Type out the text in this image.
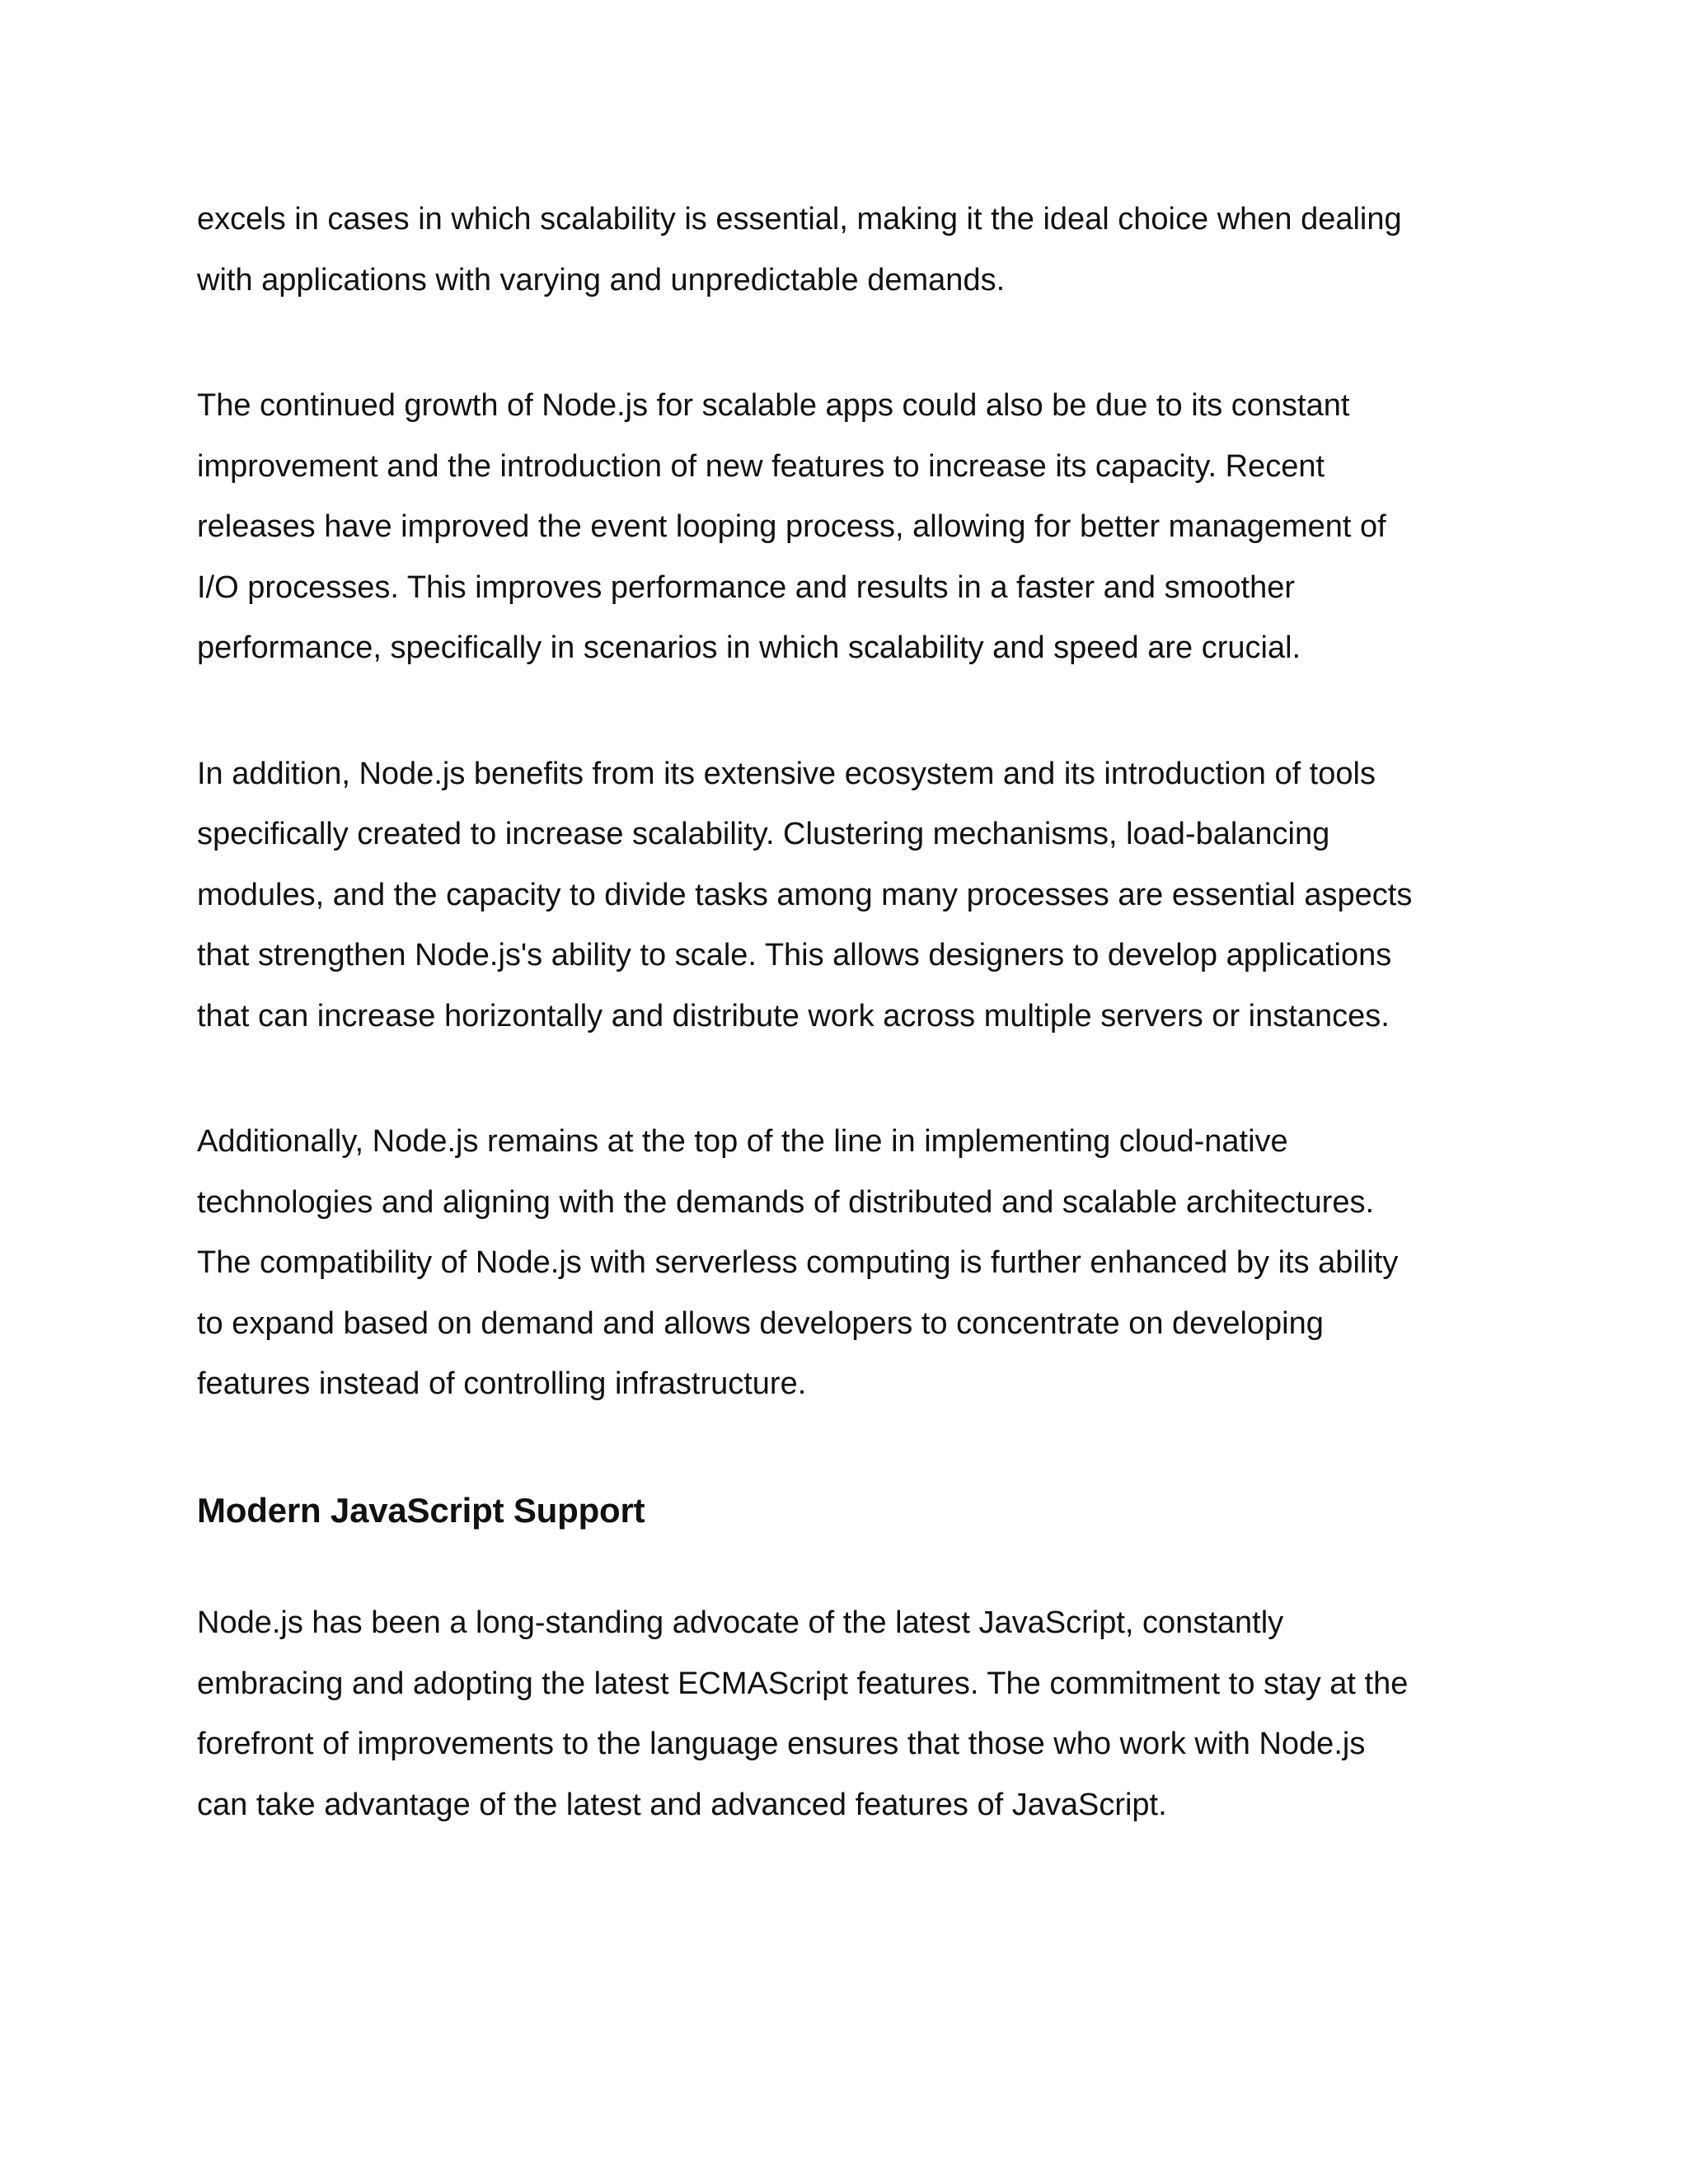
excels in cases in which scalability is essential, making it the ideal choice when dealing
with applications with varying and unpredictable demands.

The continued growth of Node.js for scalable apps could also be due to its constant
improvement and the introduction of new features to increase its capacity. Recent
releases have improved the event looping process, allowing for better management of
I/O processes. This improves performance and results in a faster and smoother
performance, specifically in scenarios in which scalability and speed are crucial.

In addition, Node.js benefits from its extensive ecosystem and its introduction of tools
specifically created to increase scalability. Clustering mechanisms, load-balancing
modules, and the capacity to divide tasks among many processes are essential aspects
that strengthen Node.js's ability to scale. This allows designers to develop applications
that can increase horizontally and distribute work across multiple servers or instances.

Additionally, Node.js remains at the top of the line in implementing cloud-native
technologies and aligning with the demands of distributed and scalable architectures.
The compatibility of Node.js with serverless computing is further enhanced by its ability
to expand based on demand and allows developers to concentrate on developing
features instead of controlling infrastructure.

Modern JavaScript Support

Node.js has been a long-standing advocate of the latest JavaScript, constantly
embracing and adopting the latest ECMAScript features. The commitment to stay at the
forefront of improvements to the language ensures that those who work with Node.js
can take advantage of the latest and advanced features of JavaScript.
